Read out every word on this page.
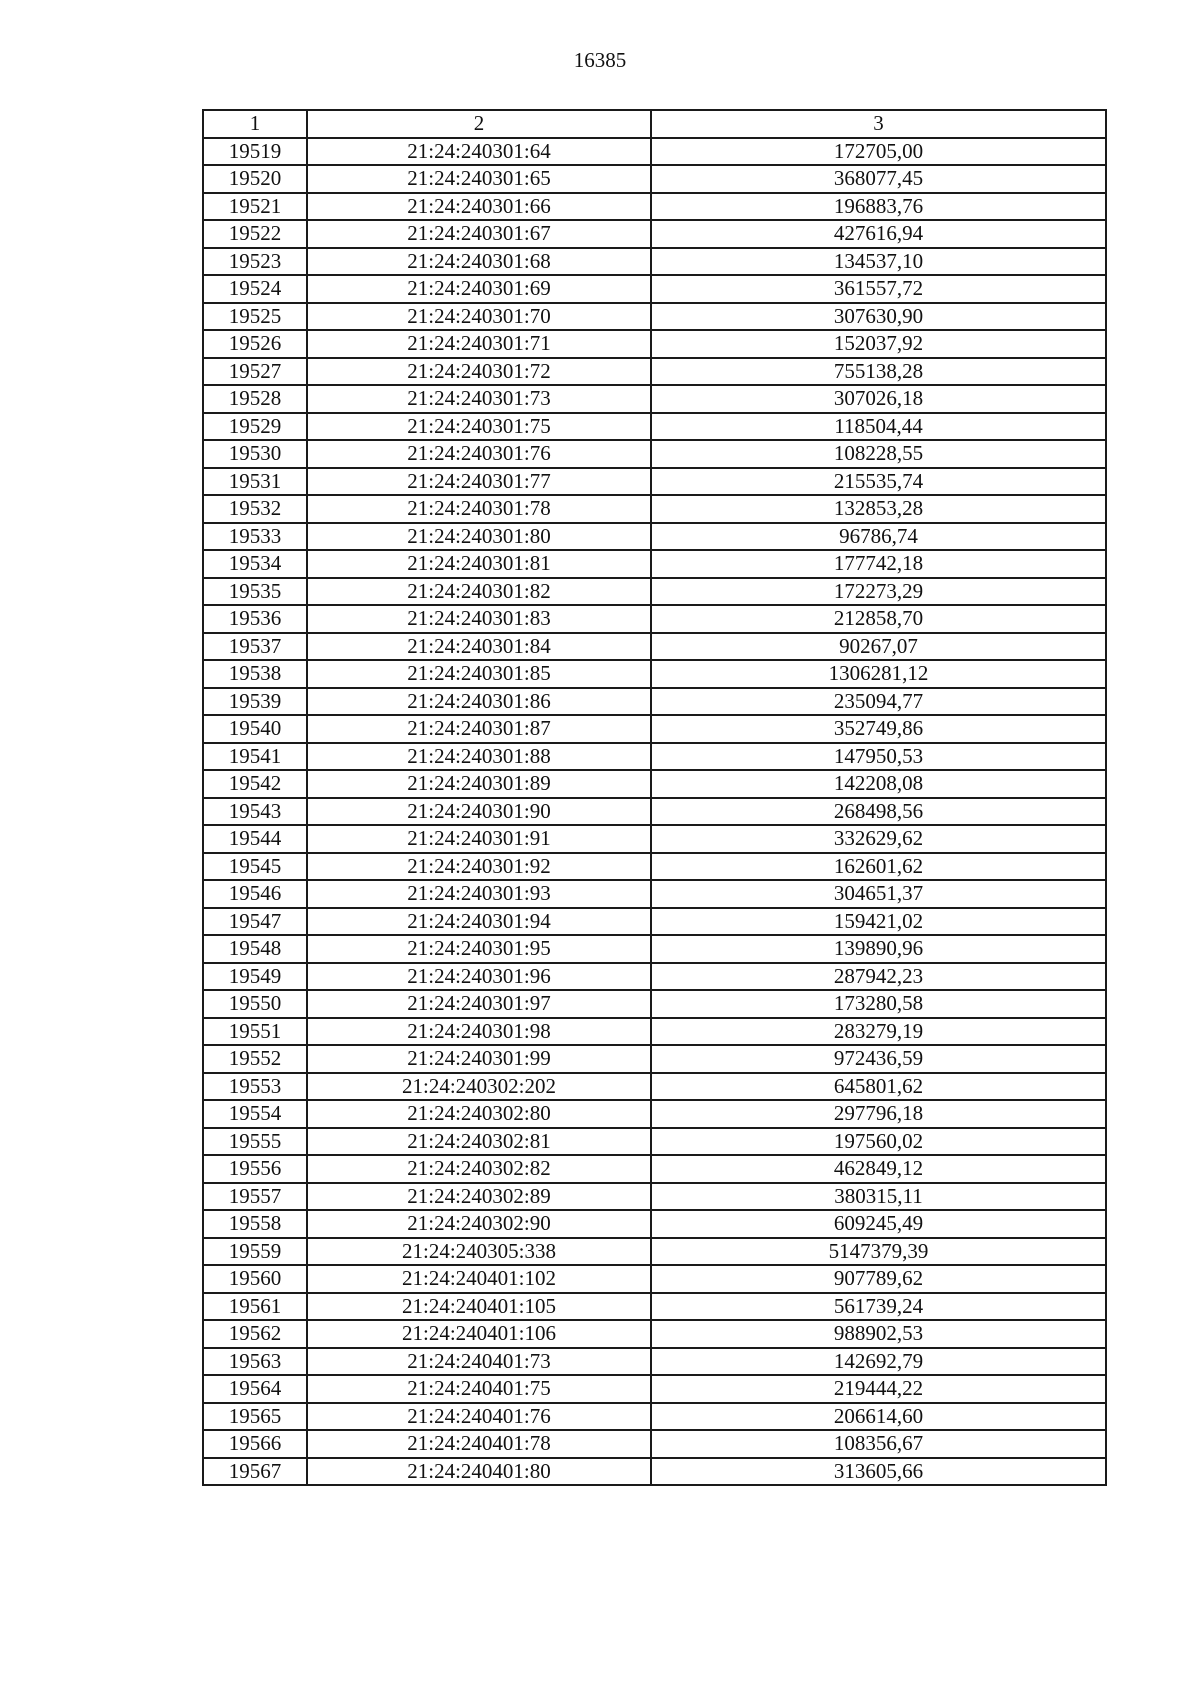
16385
1	2	3
19519	21:24:240301:64	172705,00
19520	21:24:240301:65	368077,45
19521	21:24:240301:66	196883,76
19522	21:24:240301:67	427616,94
19523	21:24:240301:68	134537,10
19524	21:24:240301:69	361557,72
19525	21:24:240301:70	307630,90
19526	21:24:240301:71	152037,92
19527	21:24:240301:72	755138,28
19528	21:24:240301:73	307026,18
19529	21:24:240301:75	118504,44
19530	21:24:240301:76	108228,55
19531	21:24:240301:77	215535,74
19532	21:24:240301:78	132853,28
19533	21:24:240301:80	96786,74
19534	21:24:240301:81	177742,18
19535	21:24:240301:82	172273,29
19536	21:24:240301:83	212858,70
19537	21:24:240301:84	90267,07
19538	21:24:240301:85	1306281,12
19539	21:24:240301:86	235094,77
19540	21:24:240301:87	352749,86
19541	21:24:240301:88	147950,53
19542	21:24:240301:89	142208,08
19543	21:24:240301:90	268498,56
19544	21:24:240301:91	332629,62
19545	21:24:240301:92	162601,62
19546	21:24:240301:93	304651,37
19547	21:24:240301:94	159421,02
19548	21:24:240301:95	139890,96
19549	21:24:240301:96	287942,23
19550	21:24:240301:97	173280,58
19551	21:24:240301:98	283279,19
19552	21:24:240301:99	972436,59
19553	21:24:240302:202	645801,62
19554	21:24:240302:80	297796,18
19555	21:24:240302:81	197560,02
19556	21:24:240302:82	462849,12
19557	21:24:240302:89	380315,11
19558	21:24:240302:90	609245,49
19559	21:24:240305:338	5147379,39
19560	21:24:240401:102	907789,62
19561	21:24:240401:105	561739,24
19562	21:24:240401:106	988902,53
19563	21:24:240401:73	142692,79
19564	21:24:240401:75	219444,22
19565	21:24:240401:76	206614,60
19566	21:24:240401:78	108356,67
19567	21:24:240401:80	313605,66
